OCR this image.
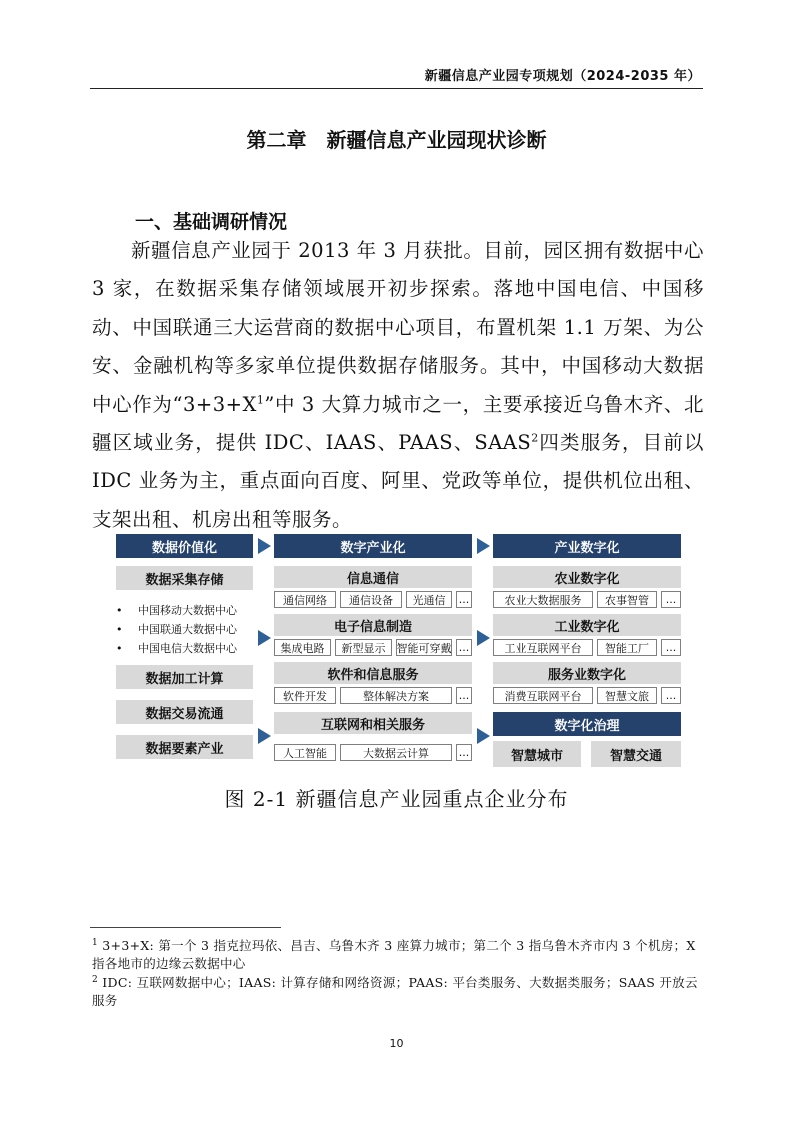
新疆信息产业园专项规划（2024-2035 年）
第二章　新疆信息产业园现状诊断
一、基础调研情况
新疆信息产业园于 2013 年 3 月获批。目前，园区拥有数据中心 3 家，在数据采集存储领域展开初步探索。落地中国电信、中国移动、中国联通三大运营商的数据中心项目，布置机架 1.1 万架、为公安、金融机构等多家单位提供数据存储服务。其中，中国移动大数据中心作为“$3+3+X^1$”中 3 大算力城市之一，主要承接近乌鲁木齐、北疆区域业务，提供 IDC、IAAS、PAAS、SAAS$^2$四类服务，目前以 IDC 业务为主，重点面向百度、阿里、党政等单位，提供机位出租、支架出租、机房出租等服务。
数据价值化
数据采集存储
• 中国移动大数据中心
• 中国联通大数据中心
• 中国电信大数据中心
数据加工计算
数据交易流通
数据要素产业
数字产业化
信息通信
通信网络	通信设备	光通信	...
电子信息制造
集成电路	新型显示	智能可穿戴 ...
软件和信息服务
软件开发	整体解决方案	...
互联网和相关服务
人工智能	大数据云计算	...
产业数字化
农业数字化
农业大数据服务	农事智管	...
工业数字化
工业互联网平台	智能工厂	...
服务业数字化
消费互联网平台	智慧文旅	...
数字化治理
智慧城市	智慧交通
图 2-1 新疆信息产业园重点企业分布
$^1$ 3+3+X: 第一个 3 指克拉玛依、昌吉、乌鲁木齐 3 座算力城市；第二个 3 指乌鲁木齐市内 3 个机房；X 指各地市的边缘云数据中心
$^2$ IDC: 互联网数据中心；IAAS: 计算存储和网络资源；PAAS: 平台类服务、大数据类服务；SAAS 开放云服务
10
